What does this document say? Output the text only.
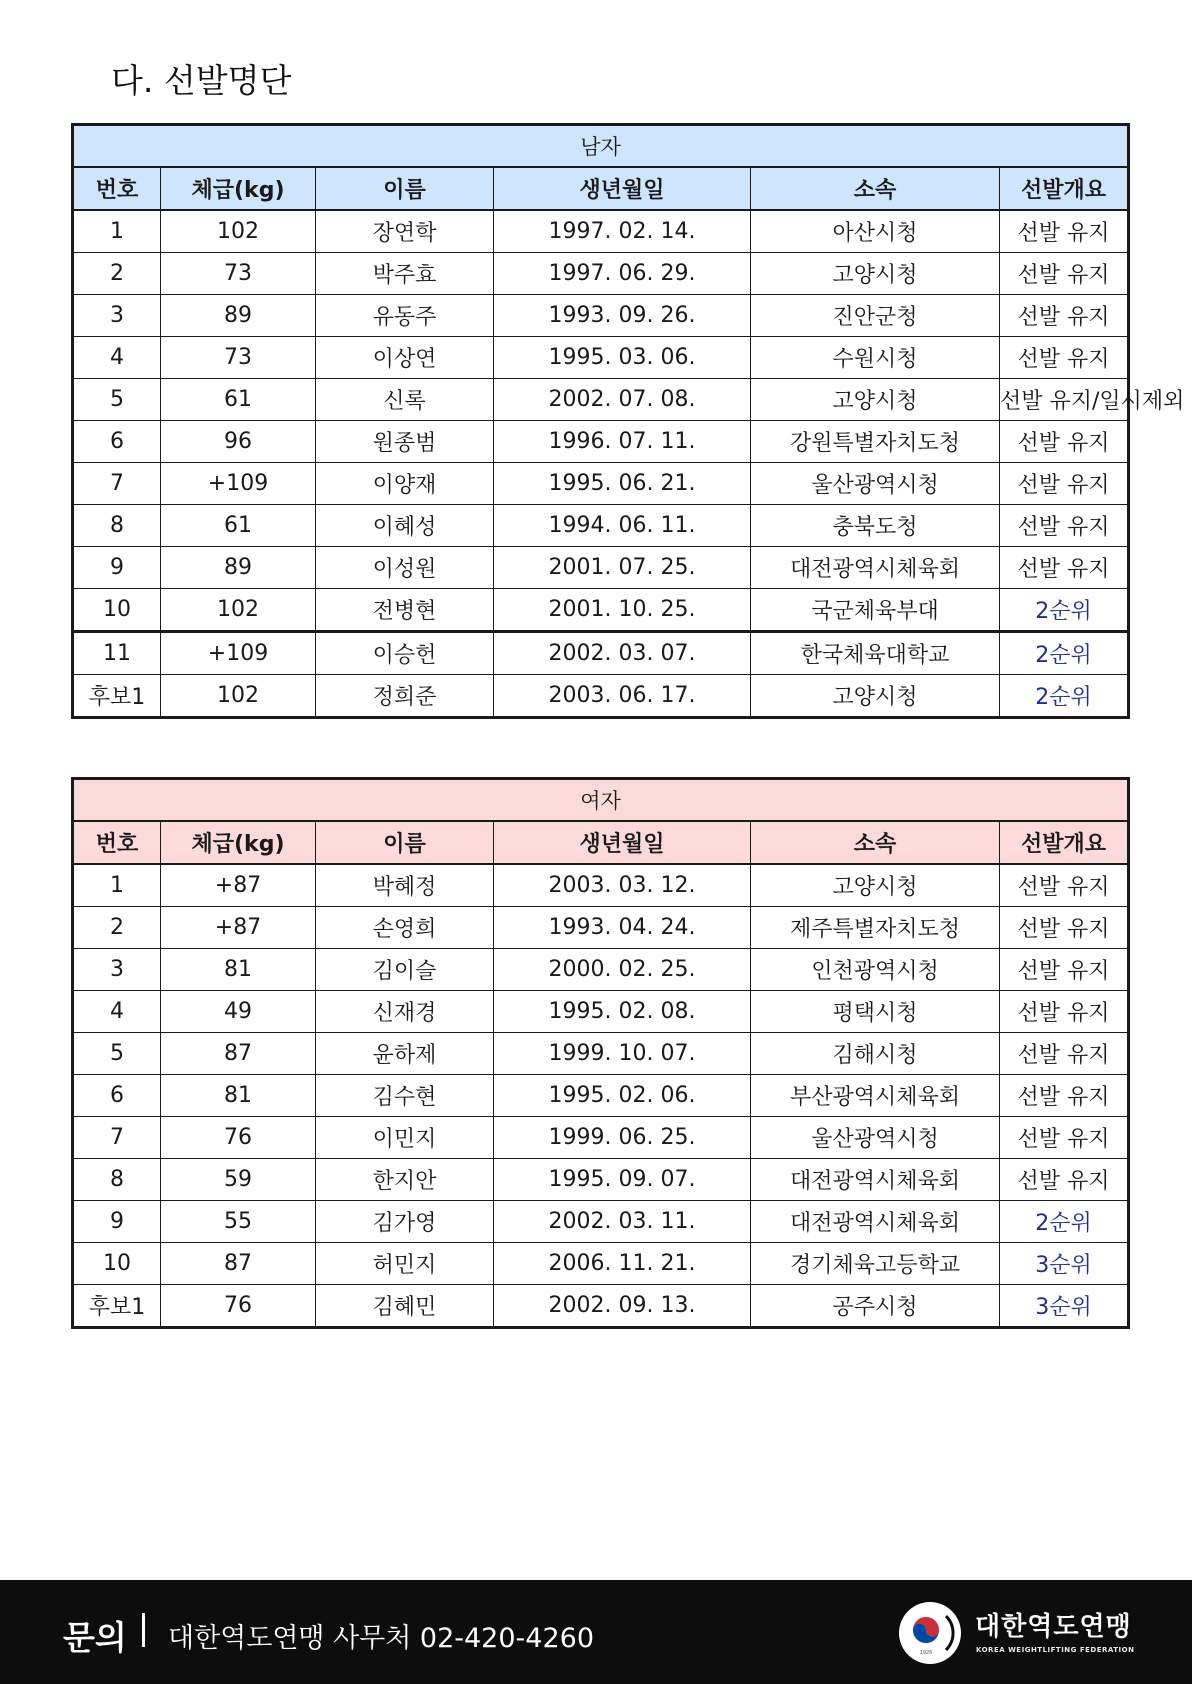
다. 선발명단
남자					
번호	체급(kg)	이름	생년월일	소속	선발개요
1	102	장연학	1997. 02. 14.	아산시청	선발 유지
2	73	박주효	1997. 06. 29.	고양시청	선발 유지
3	89	유동주	1993. 09. 26.	진안군청	선발 유지
4	73	이상연	1995. 03. 06.	수원시청	선발 유지
5	61	신록	2002. 07. 08.	고양시청	선발 유지/일시제외
6	96	원종범	1996. 07. 11.	강원특별자치도청	선발 유지
7	+109	이양재	1995. 06. 21.	울산광역시청	선발 유지
8	61	이혜성	1994. 06. 11.	충북도청	선발 유지
9	89	이성원	2001. 07. 25.	대전광역시체육회	선발 유지
10	102	전병현	2001. 10. 25.	국군체육부대	2순위
11	+109	이승헌	2002. 03. 07.	한국체육대학교	2순위
후보1	102	정희준	2003. 06. 17.	고양시청	2순위
여자					
번호	체급(kg)	이름	생년월일	소속	선발개요
1	+87	박혜정	2003. 03. 12.	고양시청	선발 유지
2	+87	손영희	1993. 04. 24.	제주특별자치도청	선발 유지
3	81	김이슬	2000. 02. 25.	인천광역시청	선발 유지
4	49	신재경	1995. 02. 08.	평택시청	선발 유지
5	87	윤하제	1999. 10. 07.	김해시청	선발 유지
6	81	김수현	1995. 02. 06.	부산광역시체육회	선발 유지
7	76	이민지	1999. 06. 25.	울산광역시청	선발 유지
8	59	한지안	1995. 09. 07.	대전광역시체육회	선발 유지
9	55	김가영	2002. 03. 11.	대전광역시체육회	2순위
10	87	허민지	2006. 11. 21.	경기체육고등학교	3순위
후보1	76	김혜민	2002. 09. 13.	공주시청	3순위
문의 대한역도연맹 사무처 02-420-4260	1926
대한역도연맹
KOREA WEIGHTLIFTING FEDERATION
